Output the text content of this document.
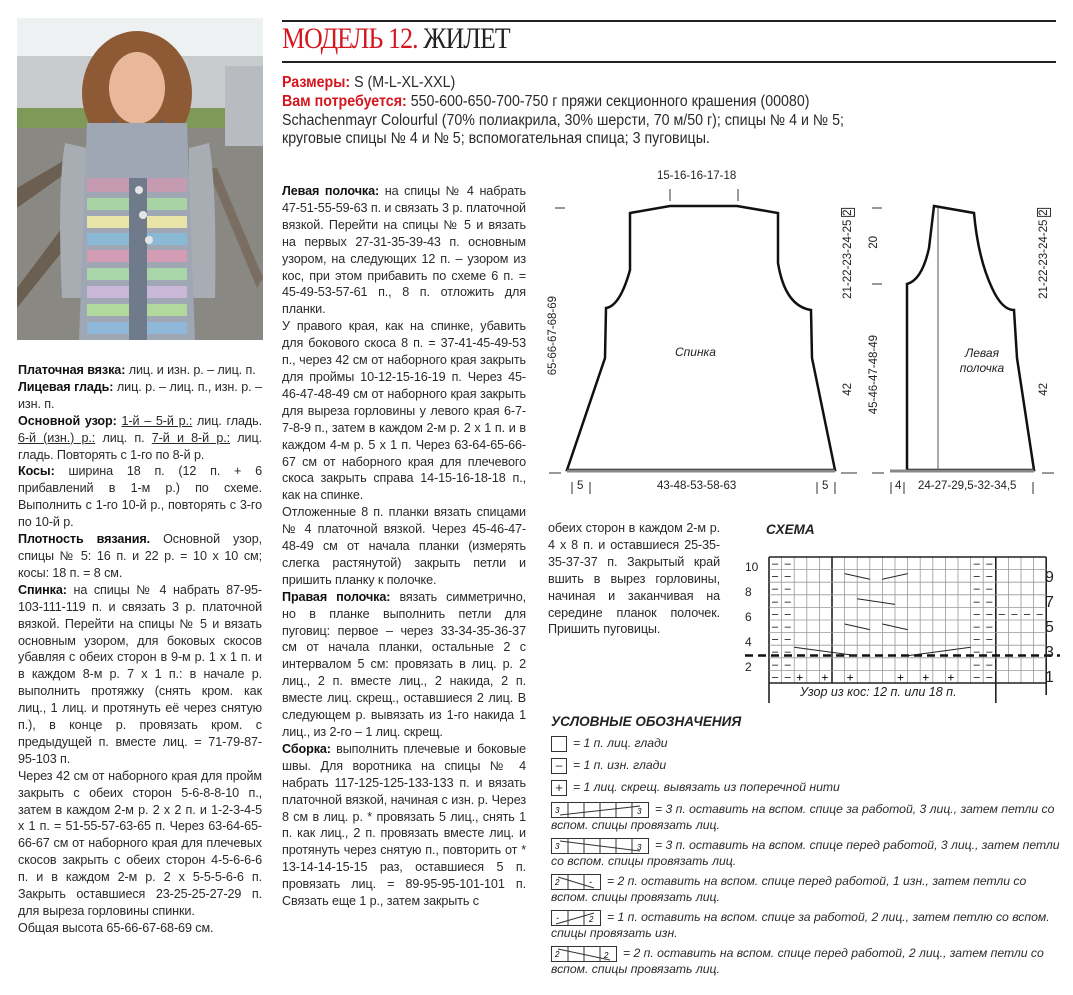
МОДЕЛЬ 12. ЖИЛЕТ
Размеры: S (M-L-XL-XXL)
Вам потребуется: 550-600-650-700-750 г пряжи секционного крашения (00080)
Schachenmayr Colourful (70% полиакрила, 30% шерсти, 70 м/50 г); спицы № 4 и № 5;
круговые спицы № 4 и № 5; вспомогательная спица; 3 пуговицы.

Платочная вязка: лиц. и изн. р. – лиц. п.

Лицевая гладь: лиц. р. – лиц. п., изн. р. – изн. п.

Основной узор: 1-й – 5-й р.: лиц. гладь. 6-й (изн.) р.: лиц. п. 7-й и 8-й р.: лиц. гладь. Повторять с 1-го по 8-й р.

Косы: ширина 18 п. (12 п. + 6 прибавлений в 1-м р.) по схеме. Выполнить с 1-го 10-й р., повторять с 3-го по 10-й р.

Плотность вязания. Основной узор, спицы № 5: 16 п. и 22 р. = 10 х 10 см; косы: 18 п. = 8 см.

Спинка: на спицы № 4 набрать 87-95-103-111-119 п. и связать 3 р. платочной вязкой. Перейти на спицы № 5 и вязать основным узором, для боковых скосов убавляя с обеих сторон в 9-м р. 1 х 1 п. и в каждом 8-м р. 7 х 1 п.: в начале р. выполнить протяжку (снять кром. как лиц., 1 лиц. и протянуть её через снятую п.), в конце р. провязать кром. с предыдущей п. вместе лиц. = 71-79-87-95-103 п.

Через 42 см от наборного края для пройм закрыть с обеих сторон 5-6-8-8-10 п., затем в каждом 2-м р. 2 х 2 п. и 1-2-3-4-5 х 1 п. = 51-55-57-63-65 п. Через 63-64-65-66-67 см от наборного края для плечевых скосов закрыть с обеих сторон 4-5-6-6-6 п. и в каждом 2-м р. 2 х 5-5-5-6-6 п. Закрыть оставшиеся 23-25-25-27-29 п. для выреза горловины спинки.

Общая высота 65-66-67-68-69 см.

Левая полочка: на спицы № 4 набрать 47-51-55-59-63 п. и связать 3 р. платочной вязкой. Перейти на спицы № 5 и вязать на первых 27-31-35-39-43 п. основным узором, на следующих 12 п. – узором из кос, при этом прибавить по схеме 6 п. = 45-49-53-57-61 п., 8 п. отложить для планки.

У правого края, как на спинке, убавить для бокового скоса 8 п. = 37-41-45-49-53 п., через 42 см от наборного края закрыть для проймы 10-12-15-16-19 п. Через 45-46-47-48-49 см от наборного края закрыть для выреза горловины у левого края 6-7-7-8-9 п., затем в каждом 2-м р. 2 х 1 п. и в каждом 4-м р. 5 х 1 п. Через 63-64-65-66-67 см от наборного края для плечевого скоса закрыть справа 14-15-16-18-18 п., как на спинке.

Отложенные 8 п. планки вязать спицами № 4 платочной вязкой. Через 45-46-47-48-49 см от начала планки (измерять слегка растянутой) закрыть петли и пришить планку к полочке.

Правая полочка: вязать симметрично, но в планке выполнить петли для пуговиц: первое – через 33-34-35-36-37 см от начала планки, остальные 2 с интервалом 5 см: провязать в лиц. р. 2 лиц., 2 п. вместе лиц., 2 накида, 2 п. вместе лиц. скрещ., оставшиеся 2 лиц. В следующем р. вывязать из 1-го накида 1 лиц., из 2-го – 1 лиц. скрещ.

Сборка: выполнить плечевые и боковые швы. Для воротника на спицы № 4 набрать 117-125-125-133-133 п. и вязать платочной вязкой, начиная с изн. р. Через 8 см в лиц. р. * провязать 5 лиц., снять 1 п. как лиц., 2 п. провязать вместе лиц. и протянуть через снятую п., повторить от * 13-14-14-15-15 раз, оставшиеся 5 п. провязать лиц. = 89-95-95-101-101 п. Связать еще 1 р., затем закрыть с

обеих сторон в каждом 2-м р. 4 х 8 п. и оставшиеся 25-35-35-37-37 п. Закрытый край вшить в вырез горловины, начиная и заканчивая на середине планок полочек. Пришить пуговицы.

15-16-16-17-18
Спинка
65-66-67-68-69
21-22-23-24-25 2
42
5	43-48-53-58-63	5
20
45-46-47-48-49	Левая
полочка
21-22-23-24-25 2
42
4 24-27-29,5-32-34,5
СХЕМА
– –	– –
– –	– –
– –	– –
– –	– –
– –	– –
– –	– –
– –	– –
– –	– –
– –	– –
– –	– –
+ + +	+ + +
– – – –
10
8
6
4
2
9
7
5
3
1
Узор из кос: 12 п. или 18 п.
УСЛОВНЫЕ ОБОЗНАЧЕНИЯ
= 1 п. лиц. глади
– = 1 п. изн. глади
+ = 1 лиц. скрещ. вывязать из поперечной нити
3	3 = 3 п. оставить на вспом. спице за работой, 3 лиц., затем петли со вспом. спицы провязать лиц.
3	3 = 3 п. оставить на вспом. спице перед работой, 3 лиц., затем петли со вспом. спицы провязать лиц.
2	- = 2 п. оставить на вспом. спице перед работой, 1 изн., затем петли со вспом. спицы провязать лиц.
-	2 = 1 п. оставить на вспом. спице за работой, 2 лиц., затем петлю со вспом. спицы провязать изн.
2	2 = 2 п. оставить на вспом. спице перед работой, 2 лиц., затем петли со вспом. спицы провязать лиц.
